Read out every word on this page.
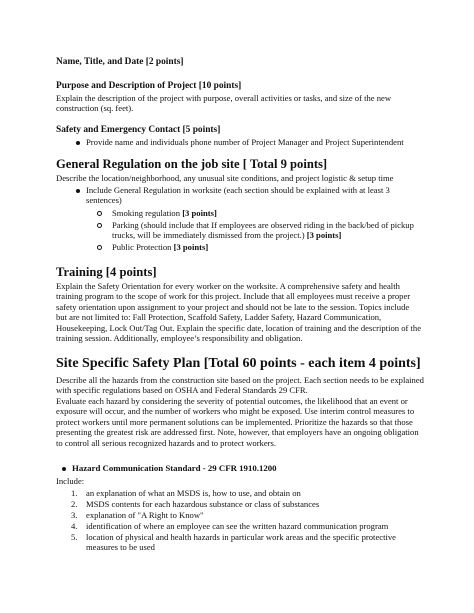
Name, Title, and Date [2 points]
Purpose and Description of Project [10 points]
Explain the description of the project with purpose, overall activities or tasks, and size of the new
construction (sq. feet).
Safety and Emergency Contact [5 points]
Provide name and individuals phone number of Project Manager and Project Superintendent
General Regulation on the job site [ Total 9 points]
Describe the location/neighborhood, any unusual site conditions, and project logistic & setup time
Include General Regulation in worksite (each section should be explained with at least 3
sentences)
Smoking regulation [3 points]
Parking (should include that If employees are observed riding in the back/bed of pickup
trucks, will be immediately dismissed from the project.) [3 points]
Public Protection [3 points]
Training [4 points]
Explain the Safety Orientation for every worker on the worksite. A comprehensive safety and health
training program to the scope of work for this project. Include that all employees must receive a proper
safety orientation upon assignment to your project and should not be late to the session. Topics include
but are not limited to: Fall Protection, Scaffold Safety, Ladder Safety, Hazard Communication,
Housekeeping, Lock Out/Tag Out. Explain the specific date, location of training and the description of the
training session. Additionally, employee’s responsibility and obligation.
Site Specific Safety Plan [Total 60 points - each item 4 points]
Describe all the hazards from the construction site based on the project. Each section needs to be explained
with specific regulations based on OSHA and Federal Standards 29 CFR.
Evaluate each hazard by considering the severity of potential outcomes, the likelihood that an event or
exposure will occur, and the number of workers who might be exposed. Use interim control measures to
protect workers until more permanent solutions can be implemented. Prioritize the hazards so that those
presenting the greatest risk are addressed first. Note, however, that employers have an ongoing obligation
to control all serious recognized hazards and to protect workers.
Hazard Communication Standard - 29 CFR 1910.1200
Include:
1. an explanation of what an MSDS is, how to use, and obtain on
2. MSDS contents for each hazardous substance or class of substances
3. explanation of "A Right to Know"
4. identification of where an employee can see the written hazard communication program
5. location of physical and health hazards in particular work areas and the specific protective
measures to be used
